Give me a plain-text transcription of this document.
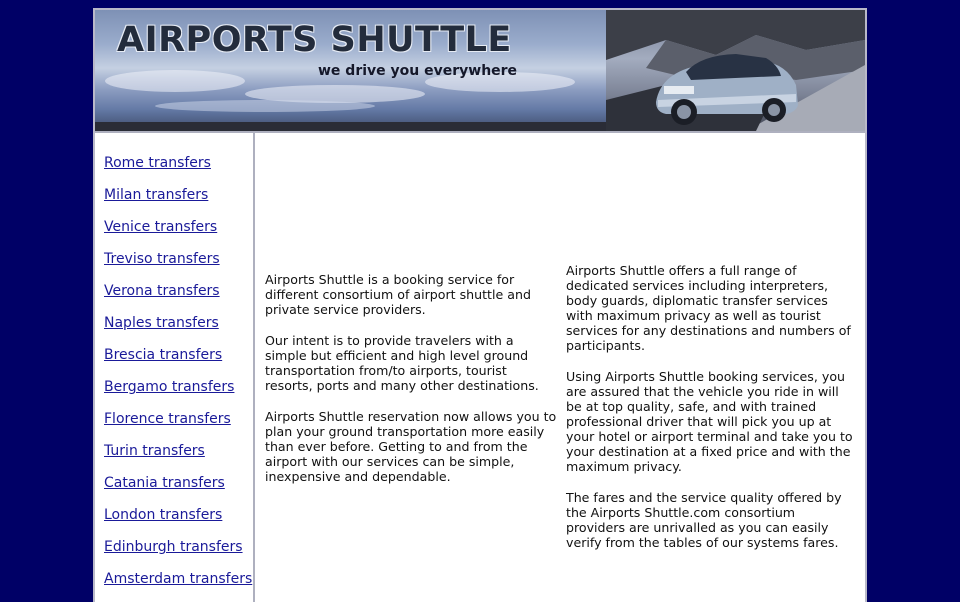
AIRPORTS SHUTTLE
we drive you everywhere
Rome transfers
Milan transfers
Venice transfers
Treviso transfers
Verona transfers
Naples transfers
Brescia transfers
Bergamo transfers
Florence transfers
Turin transfers
Catania transfers
London transfers
Edinburgh transfers
Amsterdam transfers

Airports Shuttle is a booking service for different consortium of airport shuttle and private service providers.

Our intent is to provide travelers with a simple but efficient and high level ground transportation from/to airports, tourist resorts, ports and many other destinations.

Airports Shuttle reservation now allows you to plan your ground transportation more easily than ever before. Getting to and from the airport with our services can be simple, inexpensive and dependable.

Airports Shuttle offers a full range of dedicated services including interpreters, body guards, diplomatic transfer services with maximum privacy as well as tourist services for any destinations and numbers of participants.

Using Airports Shuttle booking services, you are assured that the vehicle you ride in will be at top quality, safe, and with trained professional driver that will pick you up at your hotel or airport terminal and take you to your destination at a fixed price and with the maximum privacy.

The fares and the service quality offered by the Airports Shuttle.com consortium providers are unrivalled as you can easily verify from the tables of our systems fares.
